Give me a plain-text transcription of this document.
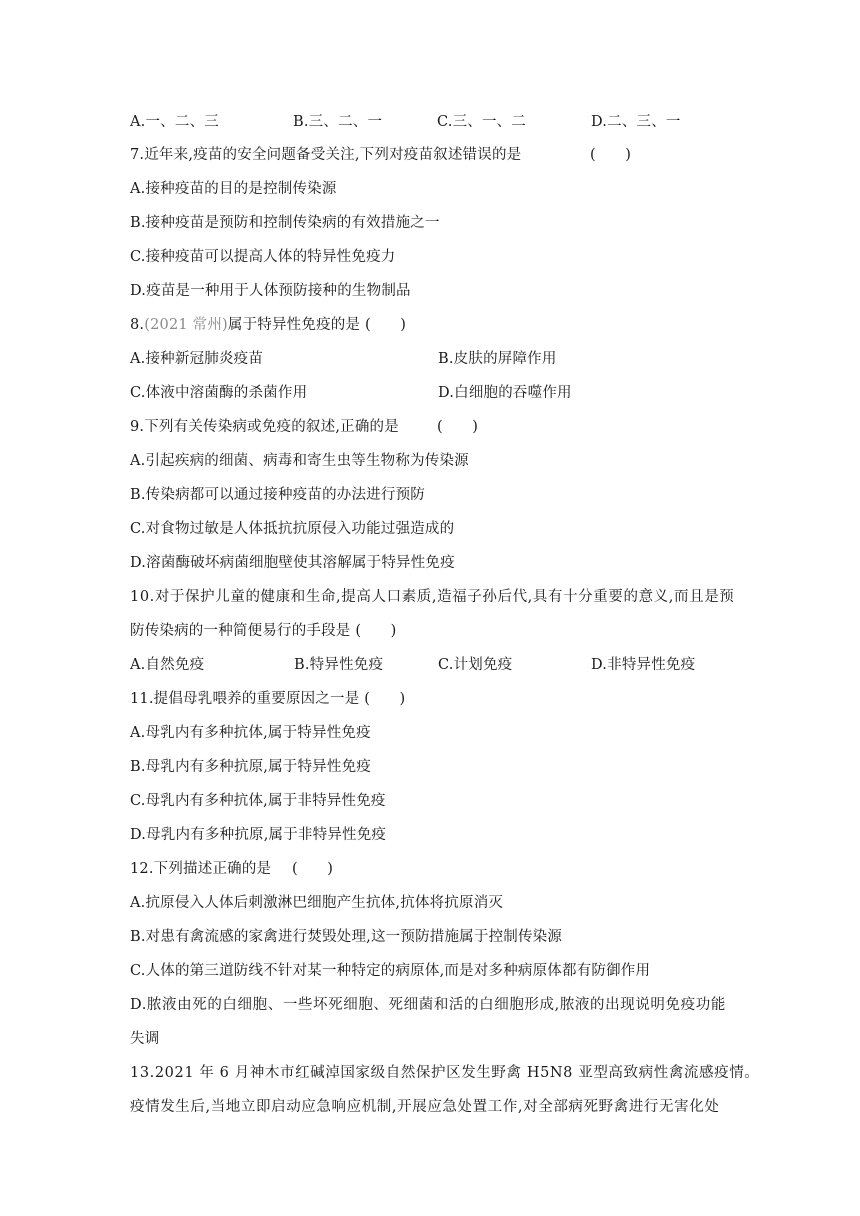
A.一、二、三	B.三、二、一	C.三、一、二	D.二、三、一
7.近年来,疫苗的安全问题备受关注,下列对疫苗叙述错误的是	(　　)
A.接种疫苗的目的是控制传染源
B.接种疫苗是预防和控制传染病的有效措施之一
C.接种疫苗可以提高人体的特异性免疫力
D.疫苗是一种用于人体预防接种的生物制品
8.(2021 常州)属于特异性免疫的是 (　　)
A.接种新冠肺炎疫苗	B.皮肤的屏障作用
C.体液中溶菌酶的杀菌作用	D.白细胞的吞噬作用
9.下列有关传染病或免疫的叙述,正确的是	(　　)
A.引起疾病的细菌、病毒和寄生虫等生物称为传染源
B.传染病都可以通过接种疫苗的办法进行预防
C.对食物过敏是人体抵抗抗原侵入功能过强造成的
D.溶菌酶破坏病菌细胞壁使其溶解属于特异性免疫
10.对于保护儿童的健康和生命,提高人口素质,造福子孙后代,具有十分重要的意义,而且是预
防传染病的一种简便易行的手段是 (　　)
A.自然免疫	B.特异性免疫	C.计划免疫	D.非特异性免疫
11.提倡母乳喂养的重要原因之一是 (　　)
A.母乳内有多种抗体,属于特异性免疫
B.母乳内有多种抗原,属于特异性免疫
C.母乳内有多种抗体,属于非特异性免疫
D.母乳内有多种抗原,属于非特异性免疫
12.下列描述正确的是 (　　)
A.抗原侵入人体后刺激淋巴细胞产生抗体,抗体将抗原消灭
B.对患有禽流感的家禽进行焚毁处理,这一预防措施属于控制传染源
C.人体的第三道防线不针对某一种特定的病原体,而是对多种病原体都有防御作用
D.脓液由死的白细胞、一些坏死细胞、死细菌和活的白细胞形成,脓液的出现说明免疫功能
失调
13.2021 年 6 月神木市红碱淖国家级自然保护区发生野禽 H5N8 亚型高致病性禽流感疫情。
疫情发生后,当地立即启动应急响应机制,开展应急处置工作,对全部病死野禽进行无害化处
